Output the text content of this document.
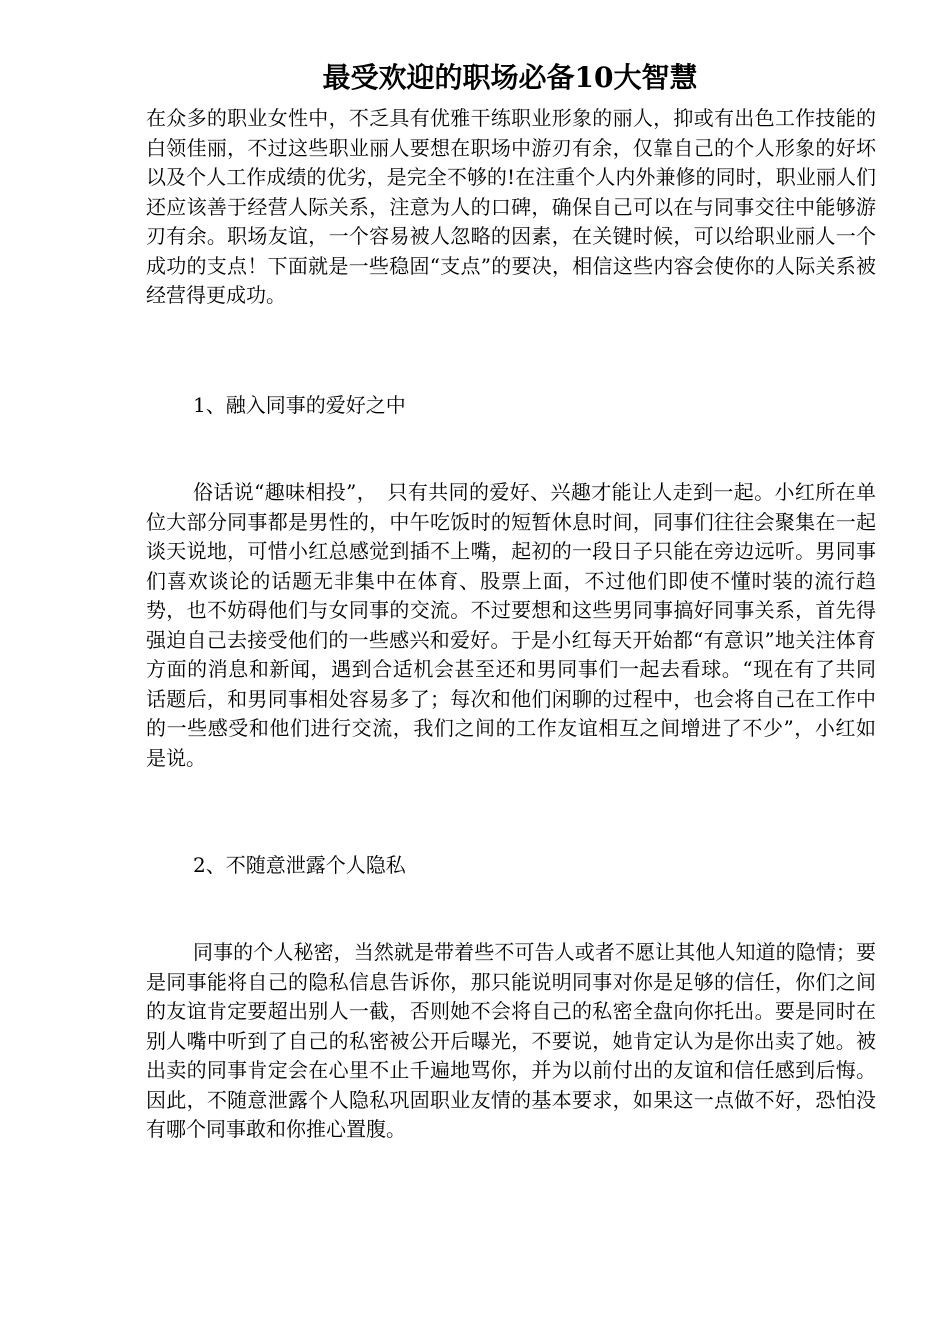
最受欢迎的职场必备10大智慧

在众多的职业女性中，不乏具有优雅干练职业形象的丽人，抑或有出色工作技能的白领佳丽，不过这些职业丽人要想在职场中游刃有余，仅靠自己的个人形象的好坏以及个人工作成绩的优劣，是完全不够的!在注重个人内外兼修的同时，职业丽人们还应该善于经营人际关系，注意为人的口碑，确保自己可以在与同事交往中能够游刃有余。职场友谊，一个容易被人忽略的因素，在关键时候，可以给职业丽人一个成功的支点！下面就是一些稳固“支点”的要决，相信这些内容会使你的人际关系被经营得更成功。

1、融入同事的爱好之中

俗话说“趣味相投”，　只有共同的爱好、兴趣才能让人走到一起。小红所在单位大部分同事都是男性的，中午吃饭时的短暂休息时间，同事们往往会聚集在一起谈天说地，可惜小红总感觉到插不上嘴，起初的一段日子只能在旁边远听。男同事们喜欢谈论的话题无非集中在体育、股票上面，不过他们即使不懂时装的流行趋势，也不妨碍他们与女同事的交流。不过要想和这些男同事搞好同事关系，首先得强迫自己去接受他们的一些感兴和爱好。于是小红每天开始都“有意识”地关注体育方面的消息和新闻，遇到合适机会甚至还和男同事们一起去看球。“现在有了共同话题后，和男同事相处容易多了；每次和他们闲聊的过程中，也会将自己在工作中的一些感受和他们进行交流，我们之间的工作友谊相互之间增进了不少”，小红如是说。

2、不随意泄露个人隐私

同事的个人秘密，当然就是带着些不可告人或者不愿让其他人知道的隐情；要是同事能将自己的隐私信息告诉你，那只能说明同事对你是足够的信任，你们之间的友谊肯定要超出别人一截，否则她不会将自己的私密全盘向你托出。要是同时在别人嘴中听到了自己的私密被公开后曝光，不要说，她肯定认为是你出卖了她。被出卖的同事肯定会在心里不止千遍地骂你，并为以前付出的友谊和信任感到后悔。因此，不随意泄露个人隐私巩固职业友情的基本要求，如果这一点做不好，恐怕没有哪个同事敢和你推心置腹。
